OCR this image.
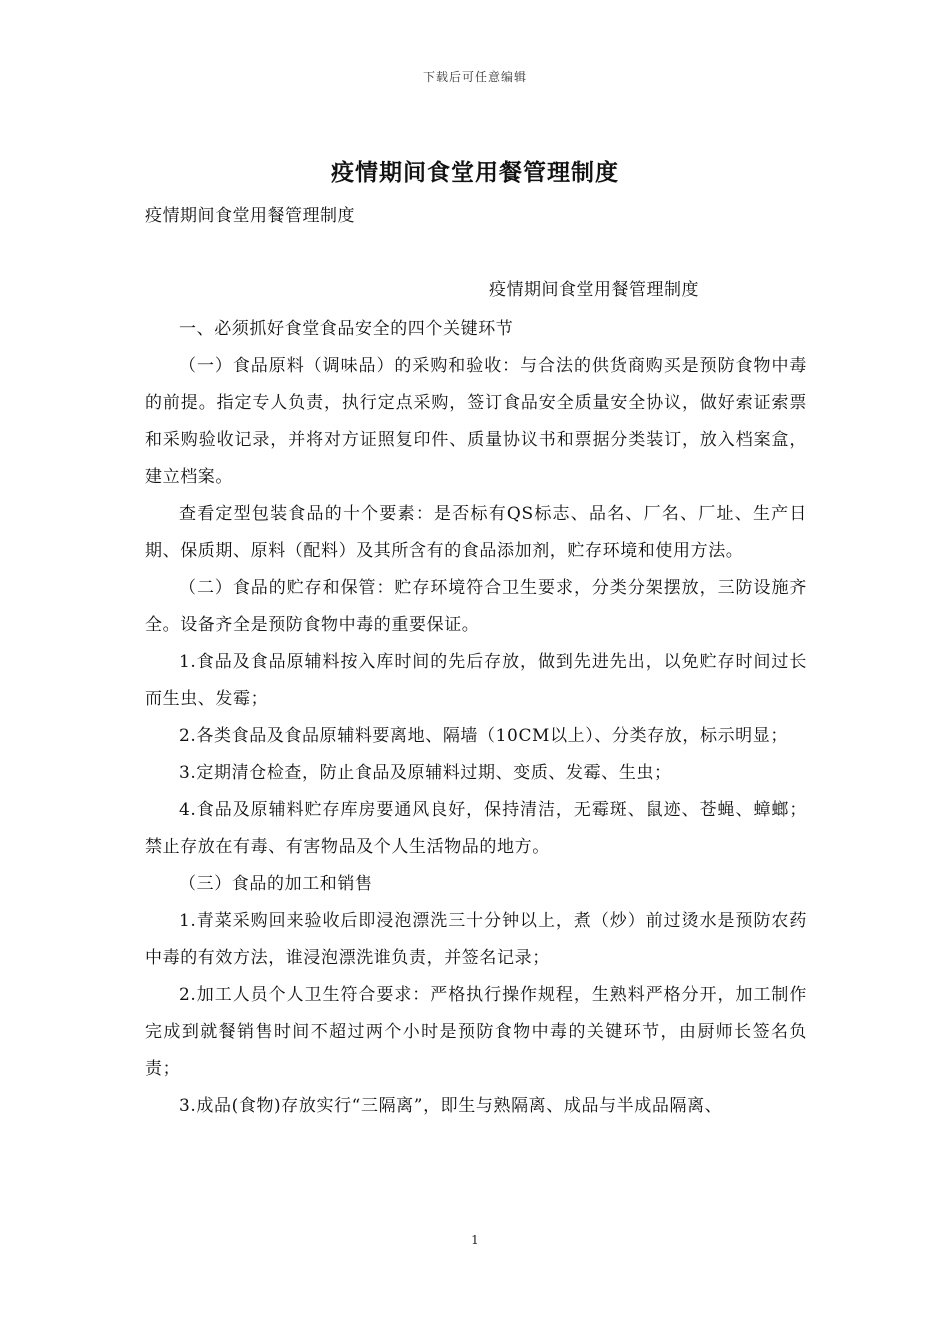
下载后可任意编辑
疫情期间食堂用餐管理制度
疫情期间食堂用餐管理制度
疫情期间食堂用餐管理制度

一、必须抓好食堂食品安全的四个关键环节

（一）食品原料（调味品）的采购和验收：与合法的供货商购买是预防食物中毒的前提。指定专人负责，执行定点采购，签订食品安全质量安全协议，做好索证索票和采购验收记录，并将对方证照复印件、质量协议书和票据分类装订，放入档案盒，建立档案。

查看定型包装食品的十个要素：是否标有QS标志、品名、厂名、厂址、生产日期、保质期、原料（配料）及其所含有的食品添加剂，贮存环境和使用方法。

（二）食品的贮存和保管：贮存环境符合卫生要求，分类分架摆放，三防设施齐全。设备齐全是预防食物中毒的重要保证。

1.食品及食品原辅料按入库时间的先后存放，做到先进先出，以免贮存时间过长而生虫、发霉；

2.各类食品及食品原辅料要离地、隔墙（10CM以上）、分类存放，标示明显；

3.定期清仓检查，防止食品及原辅料过期、变质、发霉、生虫；

4.食品及原辅料贮存库房要通风良好，保持清洁，无霉斑、鼠迹、苍蝇、蟑螂；禁止存放在有毒、有害物品及个人生活物品的地方。

（三）食品的加工和销售

1.青菜采购回来验收后即浸泡漂洗三十分钟以上，煮（炒）前过烫水是预防农药中毒的有效方法，谁浸泡漂洗谁负责，并签名记录；

2.加工人员个人卫生符合要求：严格执行操作规程，生熟料严格分开，加工制作完成到就餐销售时间不超过两个小时是预防食物中毒的关键环节，由厨师长签名负责；

3.成品(食物)存放实行“三隔离”，即生与熟隔离、成品与半成品隔离、

1
